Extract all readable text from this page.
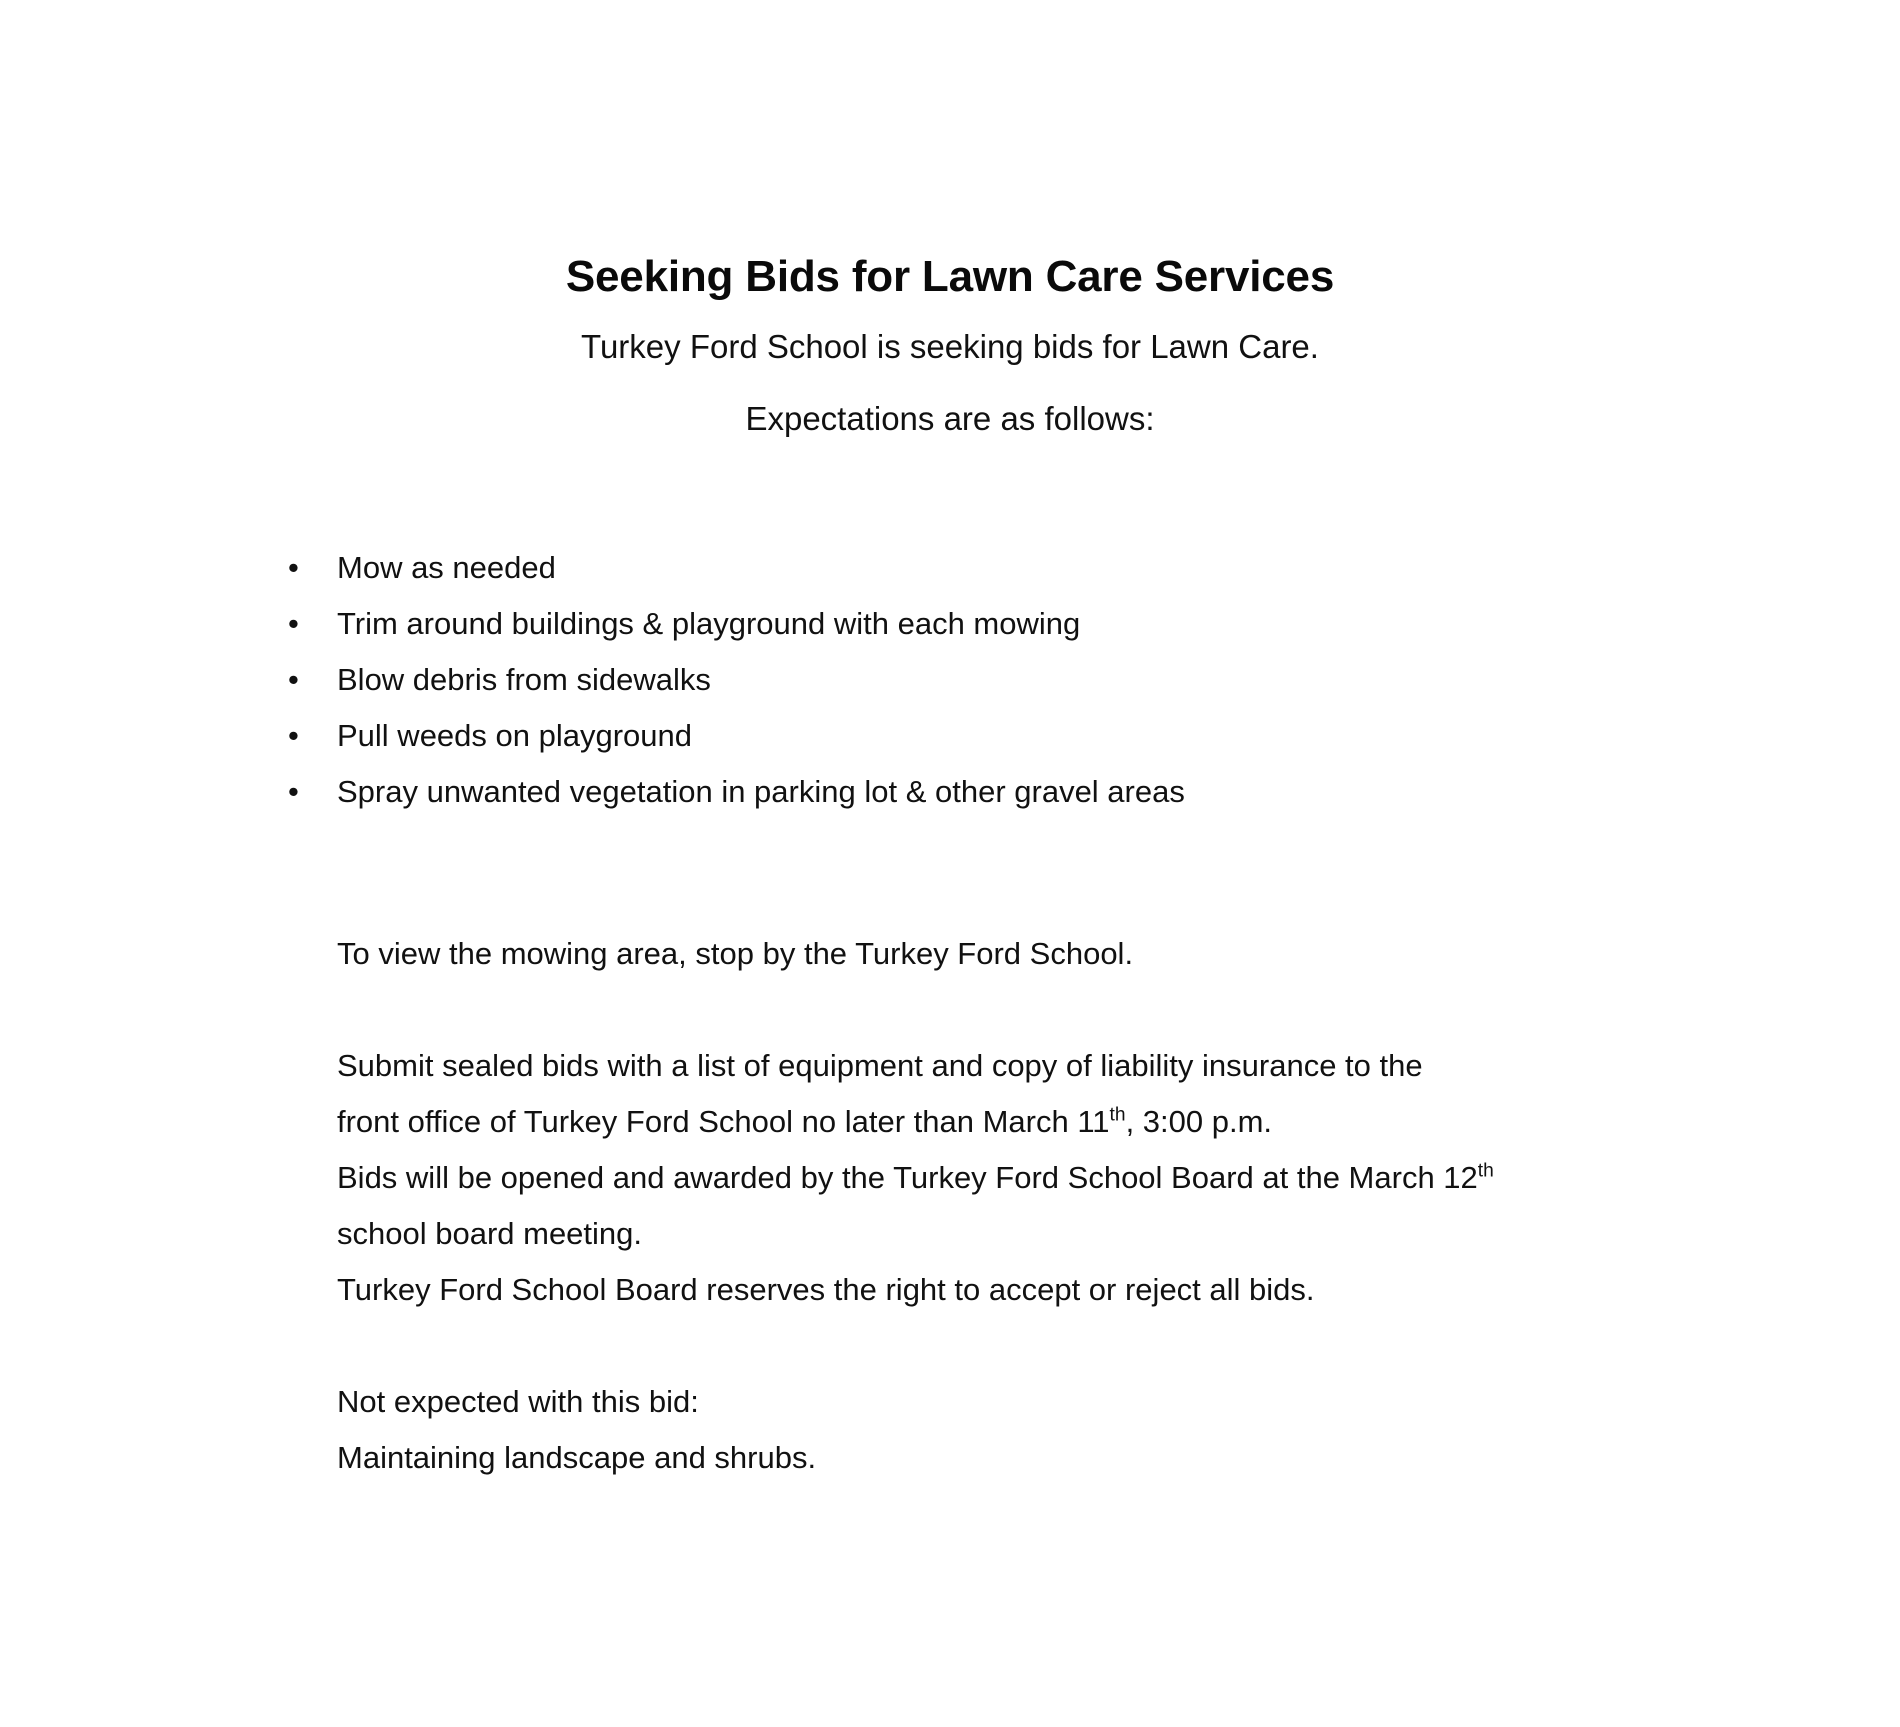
Seeking Bids for Lawn Care Services
Turkey Ford School is seeking bids for Lawn Care.
Expectations are as follows:
• Mow as needed
• Trim around buildings & playground with each mowing
• Blow debris from sidewalks
• Pull weeds on playground
• Spray unwanted vegetation in parking lot & other gravel areas
To view the mowing area, stop by the Turkey Ford School.
Submit sealed bids with a list of equipment and copy of liability insurance to the
front office of Turkey Ford School no later than March 11th, 3:00 p.m.
Bids will be opened and awarded by the Turkey Ford School Board at the March 12th
school board meeting.
Turkey Ford School Board reserves the right to accept or reject all bids.
Not expected with this bid:
Maintaining landscape and shrubs.
